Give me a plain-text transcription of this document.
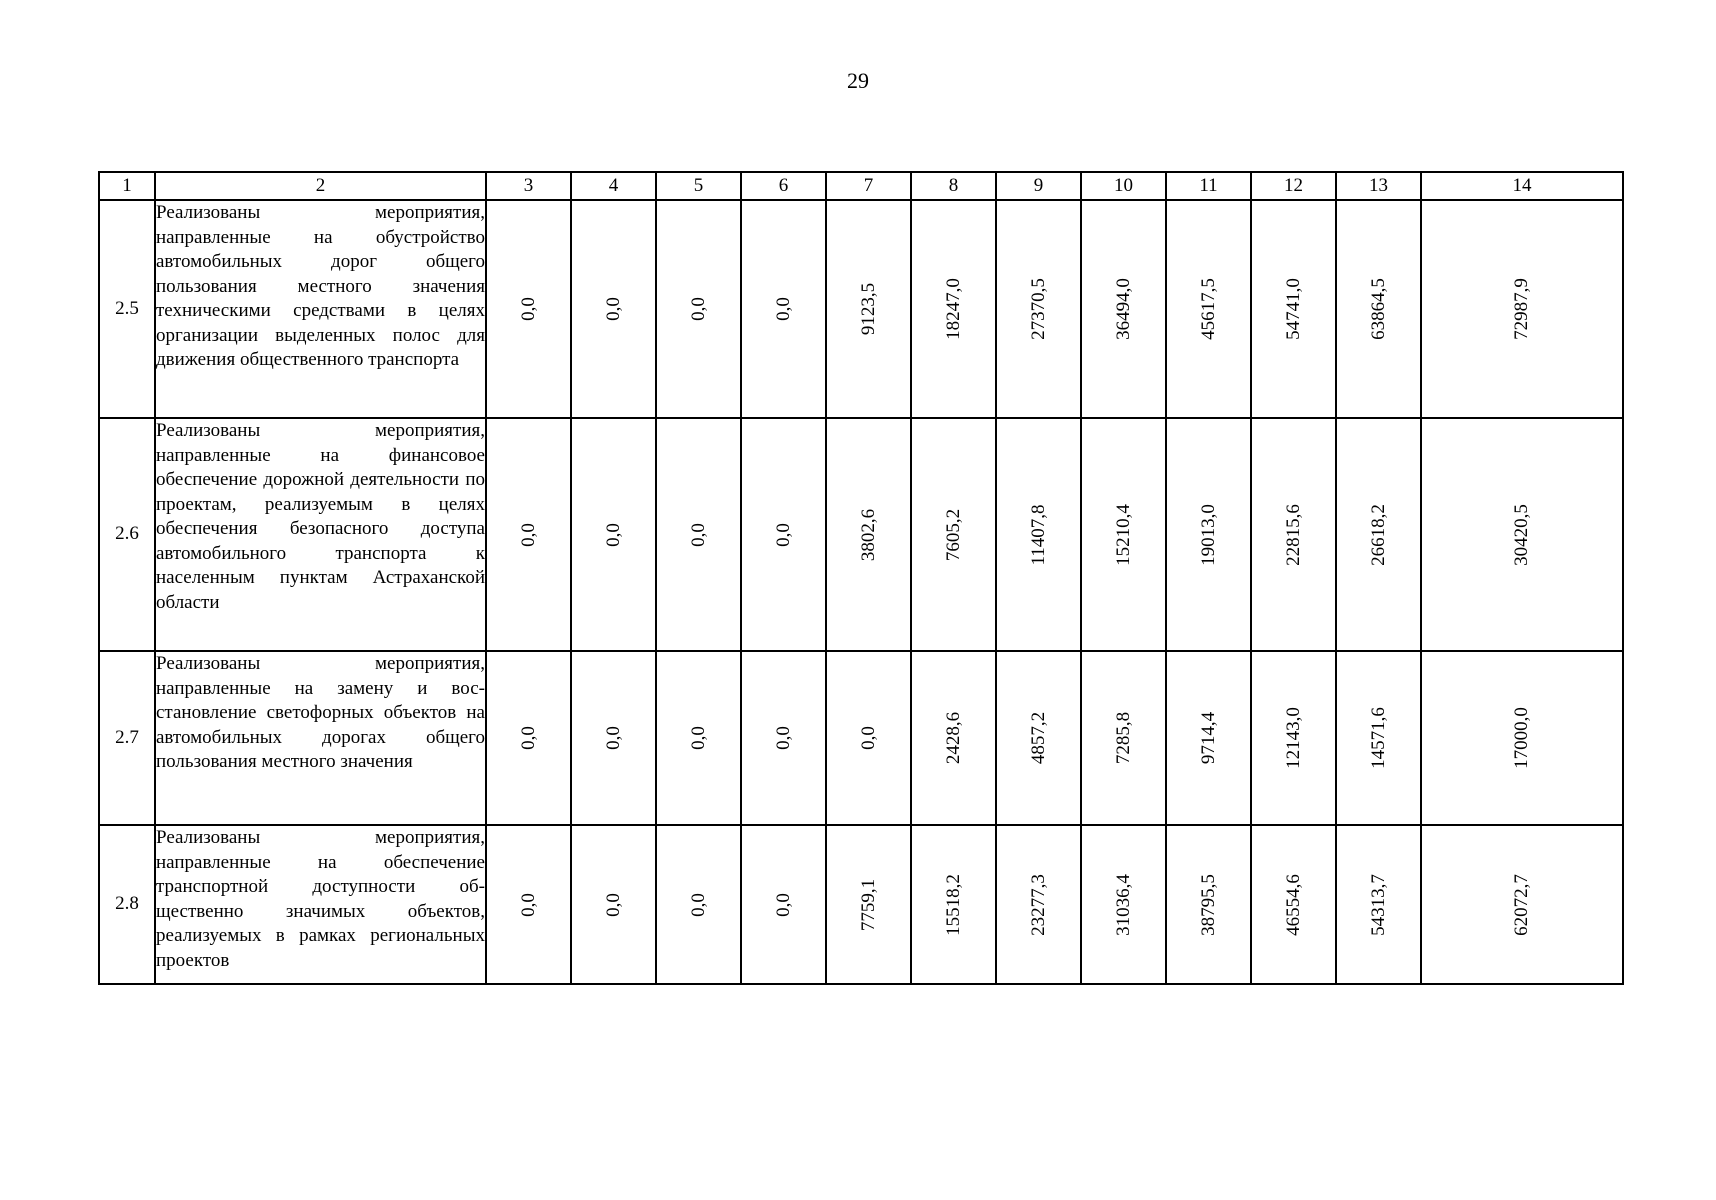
29
1	2	3	4	5	6	7	8	9	10	11	12	13	14
2.5	Реализованы мероприятия, направленные на обустройство автомобильных дорог общего пользования местного значения техническими средствами в целях организации выделенных полос для движения общественного транспорта	0,0	0,0	0,0	0,0	9123,5	18247,0	27370,5	36494,0	45617,5	54741,0	63864,5	72987,9

2.6	Реализованы мероприятия, направленные на финансовое обеспечение дорожной деятельности по проектам, реализуемым в целях обеспечения безопасного доступа автомобильного транспорта к населенным пунктам Астраханской области	0,0	0,0	0,0	0,0	3802,6	7605,2	11407,8	15210,4	19013,0	22815,6	26618,2	30420,5

2.7	Реализованы мероприятия, направленные на замену и восстановление светофорных объектов на автомобильных дорогах общего пользования местного значения	0,0	0,0	0,0	0,0	0,0	2428,6	4857,2	7285,8	9714,4	12143,0	14571,6	17000,0

2.8	Реализованы мероприятия, направленные на обеспечение транспортной доступности общественно значимых объектов, реализуемых в рамках региональных проектов	0,0	0,0	0,0	0,0	7759,1	15518,2	23277,3	31036,4	38795,5	46554,6	54313,7	62072,7
